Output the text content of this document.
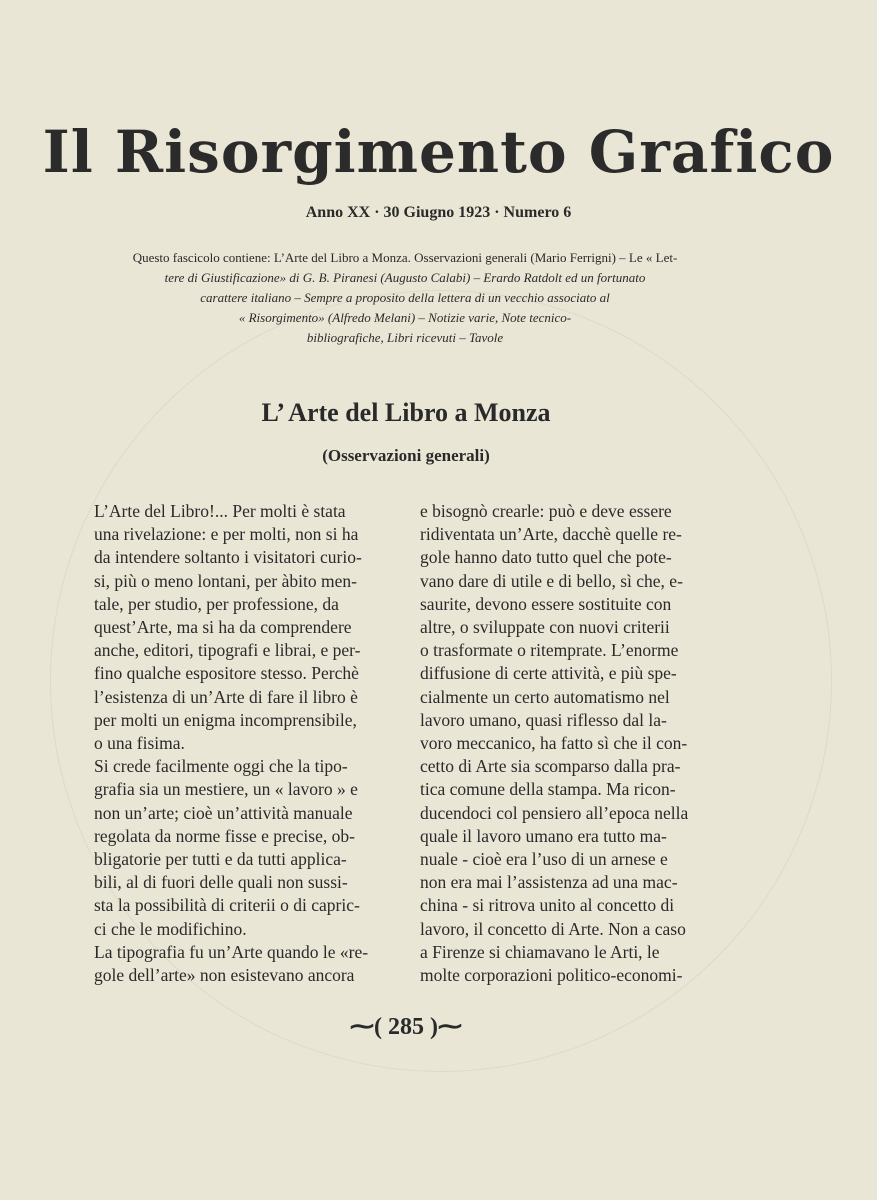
Il Risorgimento Grafico
Anno XX · 30 Giugno 1923 · Numero 6
Questo fascicolo contiene: L’Arte del Libro a Monza. Osservazioni generali (Mario Ferrigni) – Le « Let-
tere di Giustificazione» di G. B. Piranesi (Augusto Calabi) – Erardo Ratdolt ed un fortunato
carattere italiano – Sempre a proposito della lettera di un vecchio associato al
« Risorgimento» (Alfredo Melani) – Notizie varie, Note tecnico-
bibliografiche, Libri ricevuti – Tavole
L’ Arte del Libro a Monza
(Osservazioni generali)
L’Arte del Libro!... Per molti è stata
una rivelazione: e per molti, non si ha
da intendere soltanto i visitatori curio-
si, più o meno lontani, per àbito men-
tale, per studio, per professione, da
quest’Arte, ma si ha da comprendere
anche, editori, tipografi e librai, e per-
fino qualche espositore stesso. Perchè
l’esistenza di un’Arte di fare il libro è
per molti un enigma incomprensibile,
o una fisima.
Si crede facilmente oggi che la tipo-
grafia sia un mestiere, un « lavoro » e
non un’arte; cioè un’attività manuale
regolata da norme fisse e precise, ob-
bligatorie per tutti e da tutti applica-
bili, al di fuori delle quali non sussi-
sta la possibilità di criterii o di capric-
ci che le modifichino.
La tipografia fu un’Arte quando le «re-
gole dell’arte» non esistevano ancora
e bisognò crearle: può e deve essere
ridiventata un’Arte, dacchè quelle re-
gole hanno dato tutto quel che pote-
vano dare di utile e di bello, sì che, e-
saurite, devono essere sostituite con
altre, o sviluppate con nuovi criterii
o trasformate o ritemprate. L’enorme
diffusione di certe attività, e più spe-
cialmente un certo automatismo nel
lavoro umano, quasi riflesso dal la-
voro meccanico, ha fatto sì che il con-
cetto di Arte sia scomparso dalla pra-
tica comune della stampa. Ma ricon-
ducendoci col pensiero all’epoca nella
quale il lavoro umano era tutto ma-
nuale - cioè era l’uso di un arnese e
non era mai l’assistenza ad una mac-
china - si ritrova unito al concetto di
lavoro, il concetto di Arte. Non a caso
a Firenze si chiamavano le Arti, le
molte corporazioni politico-economi-
⁓( 285 )⁓
